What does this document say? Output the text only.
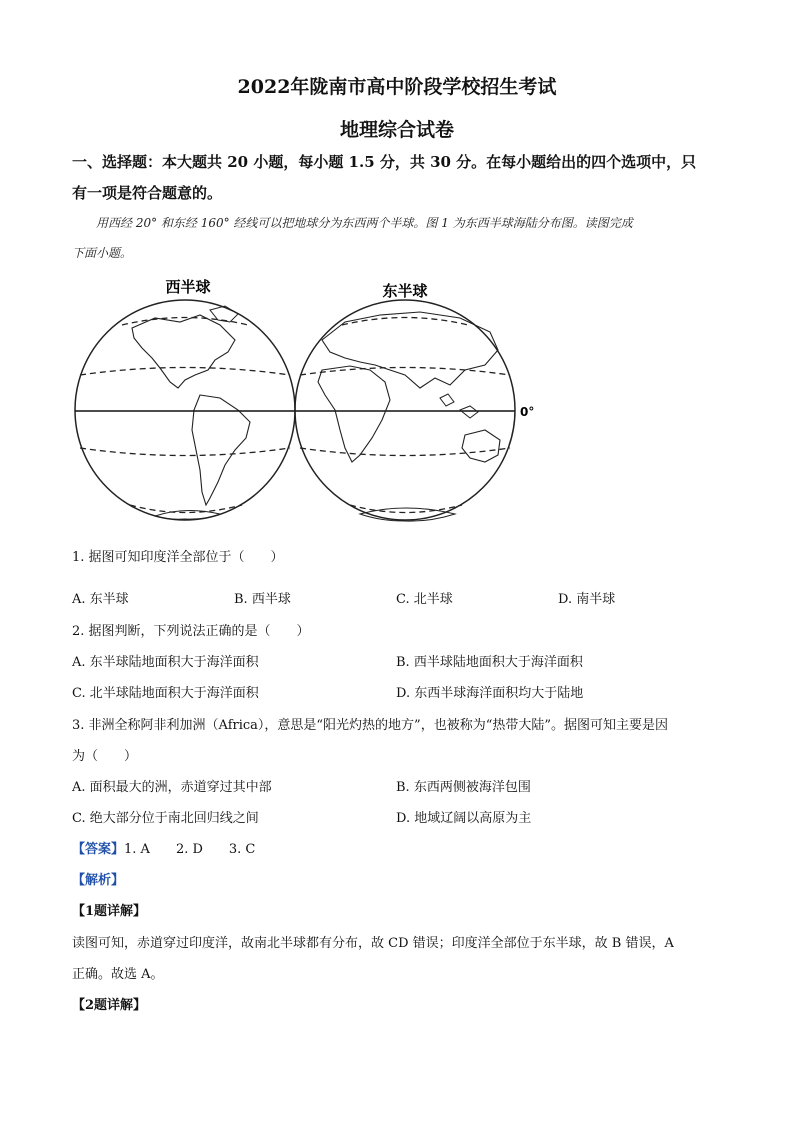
2022年陇南市高中阶段学校招生考试
地理综合试卷
一、选择题：本大题共 20 小题，每小题 1.5 分，共 30 分。在每小题给出的四个选项中，只
有一项是符合题意的。
用西经 20° 和东经 160° 经线可以把地球分为东西两个半球。图 1 为东西半球海陆分布图。读图完成
下面小题。
西半球	东半球
0°
1. 据图可知印度洋全部位于（　　）
A. 东半球	B. 西半球	C. 北半球	D. 南半球
2. 据图判断，下列说法正确的是（　　）
A. 东半球陆地面积大于海洋面积	B. 西半球陆地面积大于海洋面积
C. 北半球陆地面积大于海洋面积	D. 东西半球海洋面积均大于陆地
3. 非洲全称阿非利加洲（Africa），意思是“阳光灼热的地方”，也被称为“热带大陆”。据图可知主要是因
为（　　）
A. 面积最大的洲，赤道穿过其中部	B. 东西两侧被海洋包围
C. 绝大部分位于南北回归线之间	D. 地域辽阔以高原为主
【答案】1. A　　2. D　　3. C
【解析】
【1题详解】
读图可知，赤道穿过印度洋，故南北半球都有分布，故 CD 错误；印度洋全部位于东半球，故 B 错误，A
正确。故选 A。
【2题详解】
